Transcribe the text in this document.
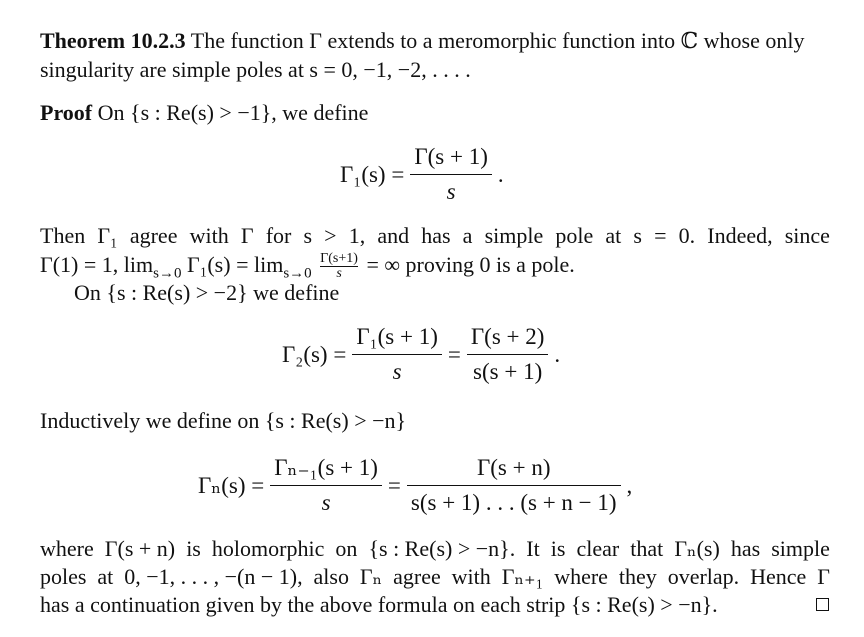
Theorem 10.2.3 The function Γ extends to a meromorphic function into ℂ whose only
singularity are simple poles at s = 0, −1, −2, . . . .
Proof On {s : Re(s) > −1}, we define
$\Gamma_1(s) = \frac{\Gamma(s + 1)}{s}$ .
Then Γ₁ agree with Γ for s > 1, and has a simple pole at s = 0. Indeed, since
Γ(1) = 1, $\lim_{s\to 0} \Gamma_1(s) = \lim_{s\to 0} \frac{\Gamma(s+1)}{s}$ = ∞ proving 0 is a pole.
On {s : Re(s) > −2} we define
$\Gamma_2(s) = \frac{\text{Γ₁(s + 1)}}{s} = \frac{\Gamma(s + 2)}{s(s + 1)}$ .
Inductively we define on {s : Re(s) > −n}
$\Gamma_n(s) = \frac{\text{Γₙ₋₁(s + 1)}}{s} = \frac{\Gamma(s + n)}{s(s + 1) . . . (s + n - 1)}$ ,
where Γ(s + n) is holomorphic on {s : Re(s) > −n}. It is clear that Γₙ(s) has simple
poles at 0, −1, . . . , −(n − 1), also Γₙ agree with Γₙ₊₁ where they overlap. Hence Γ
has a continuation given by the above formula on each strip {s : Re(s) > −n}.
